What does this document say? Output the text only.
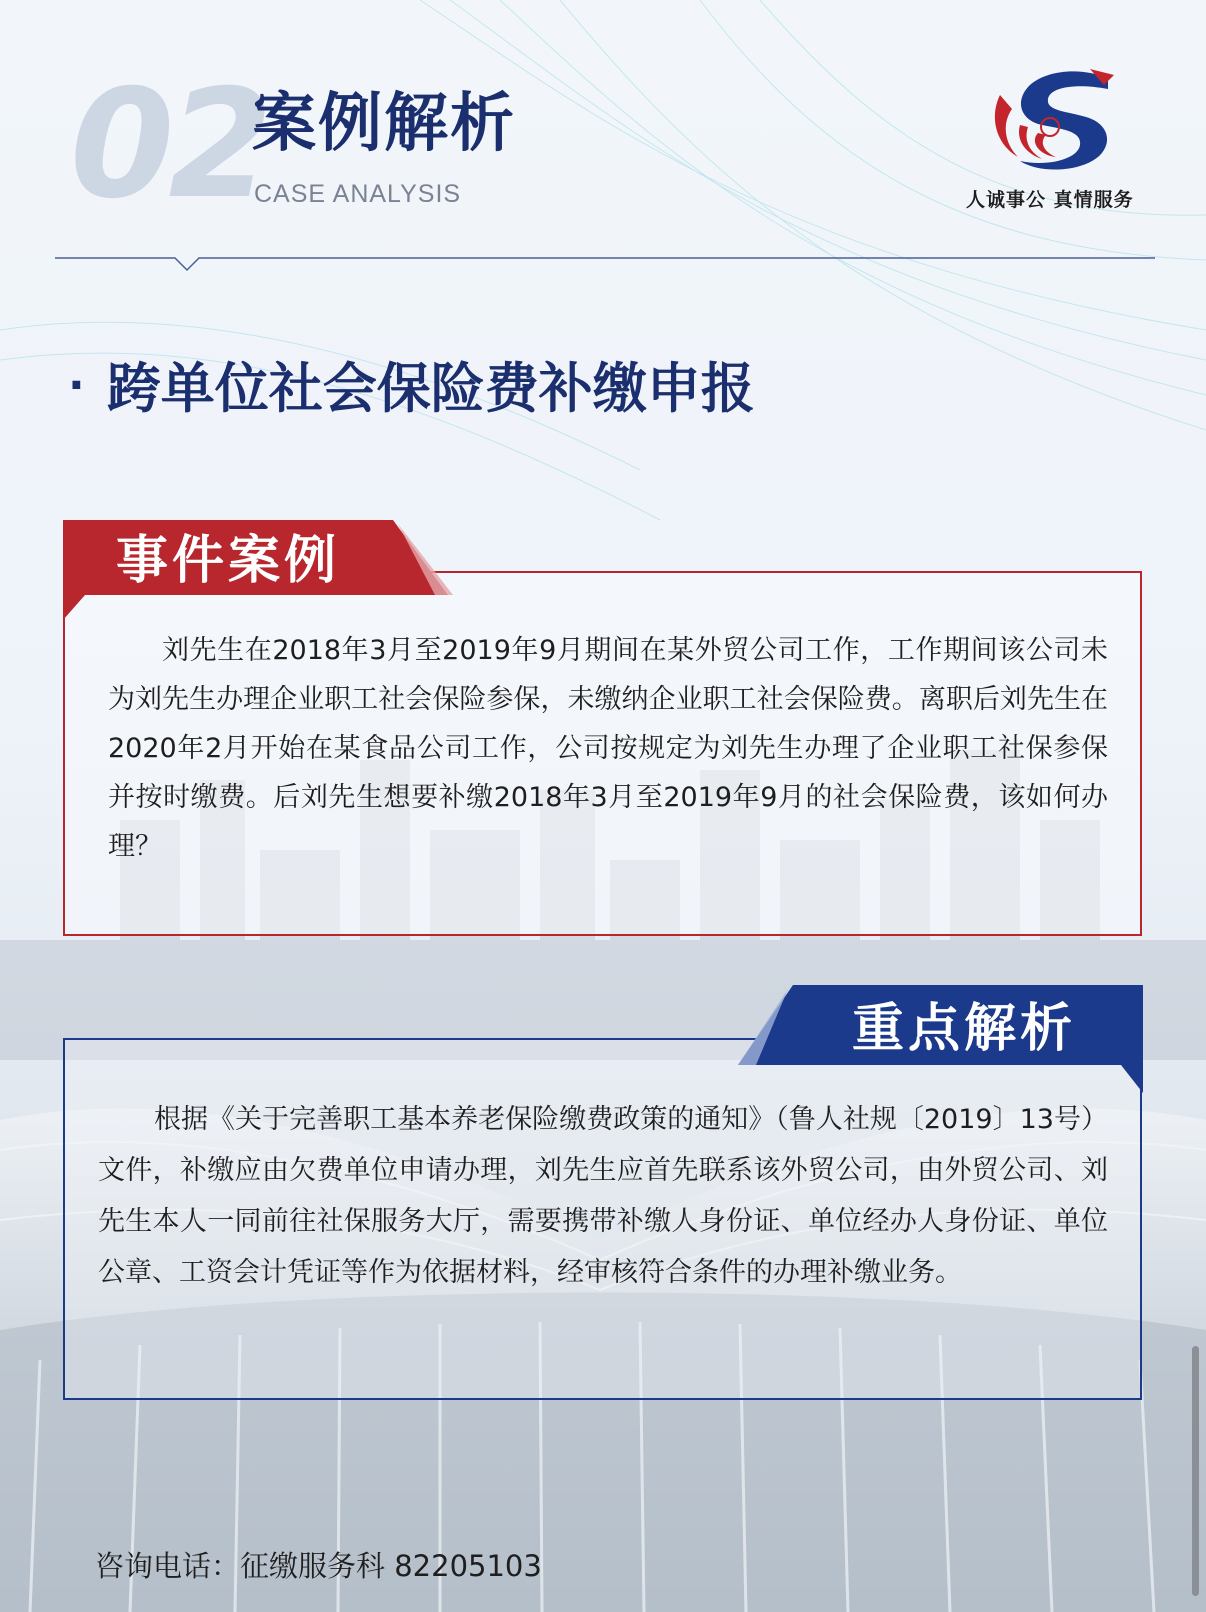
02
案例解析
CASE ANALYSIS	人诚事公 真情服务
· 跨单位社会保险费补缴申报
事件案例
刘先生在2018年3月至2019年9月期间在某外贸公司工作，工作期间该公司未为刘先生办理企业职工社会保险参保，未缴纳企业职工社会保险费。离职后刘先生在2020年2月开始在某食品公司工作，公司按规定为刘先生办理了企业职工社保参保并按时缴费。后刘先生想要补缴2018年3月至2019年9月的社会保险费，该如何办理？
重点解析
根据《关于完善职工基本养老保险缴费政策的通知》（鲁人社规〔2019〕13号）文件，补缴应由欠费单位申请办理，刘先生应首先联系该外贸公司，由外贸公司、刘先生本人一同前往社保服务大厅，需要携带补缴人身份证、单位经办人身份证、单位公章、工资会计凭证等作为依据材料，经审核符合条件的办理补缴业务。
咨询电话：征缴服务科 82205103
